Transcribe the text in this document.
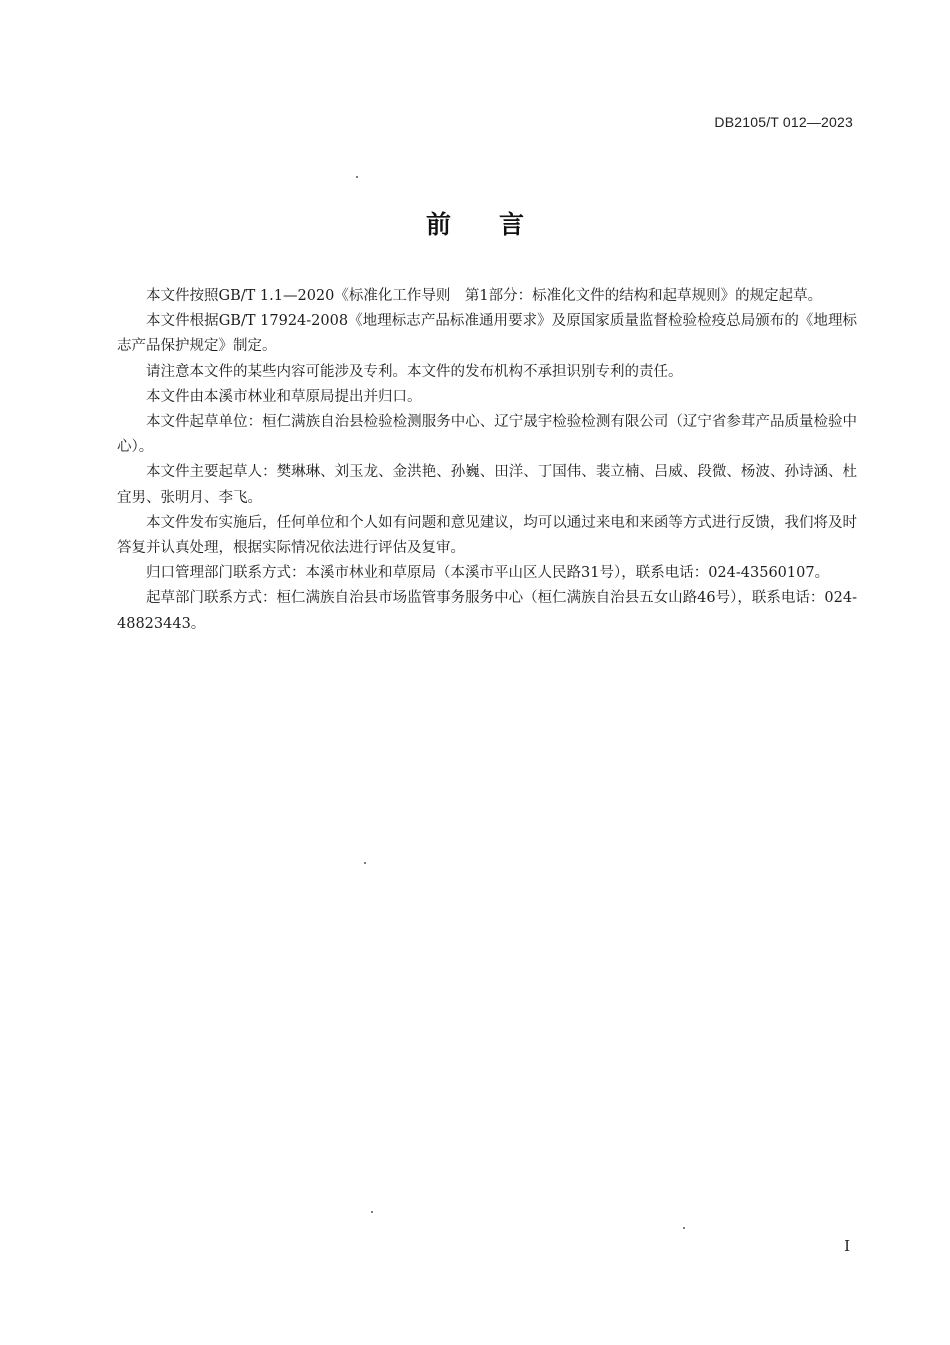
DB2105/T 012—2023
前言

本文件按照GB/T 1.1—2020《标准化工作导则　第1部分：标准化文件的结构和起草规则》的规定起草。

本文件根据GB/T 17924-2008《地理标志产品标准通用要求》及原国家质量监督检验检疫总局颁布的《地理标志产品保护规定》制定。

请注意本文件的某些内容可能涉及专利。本文件的发布机构不承担识别专利的责任。

本文件由本溪市林业和草原局提出并归口。

本文件起草单位：桓仁满族自治县检验检测服务中心、辽宁晟宇检验检测有限公司（辽宁省参茸产品质量检验中心）。

本文件主要起草人：樊琳琳、刘玉龙、金洪艳、孙巍、田洋、丁国伟、裴立楠、吕威、段微、杨波、孙诗涵、杜宜男、张明月、李飞。

本文件发布实施后，任何单位和个人如有问题和意见建议，均可以通过来电和来函等方式进行反馈，我们将及时答复并认真处理，根据实际情况依法进行评估及复审。

归口管理部门联系方式：本溪市林业和草原局（本溪市平山区人民路31号），联系电话：024-43560107。

起草部门联系方式：桓仁满族自治县市场监管事务服务中心（桓仁满族自治县五女山路46号），联系电话：024-48823443。

I
